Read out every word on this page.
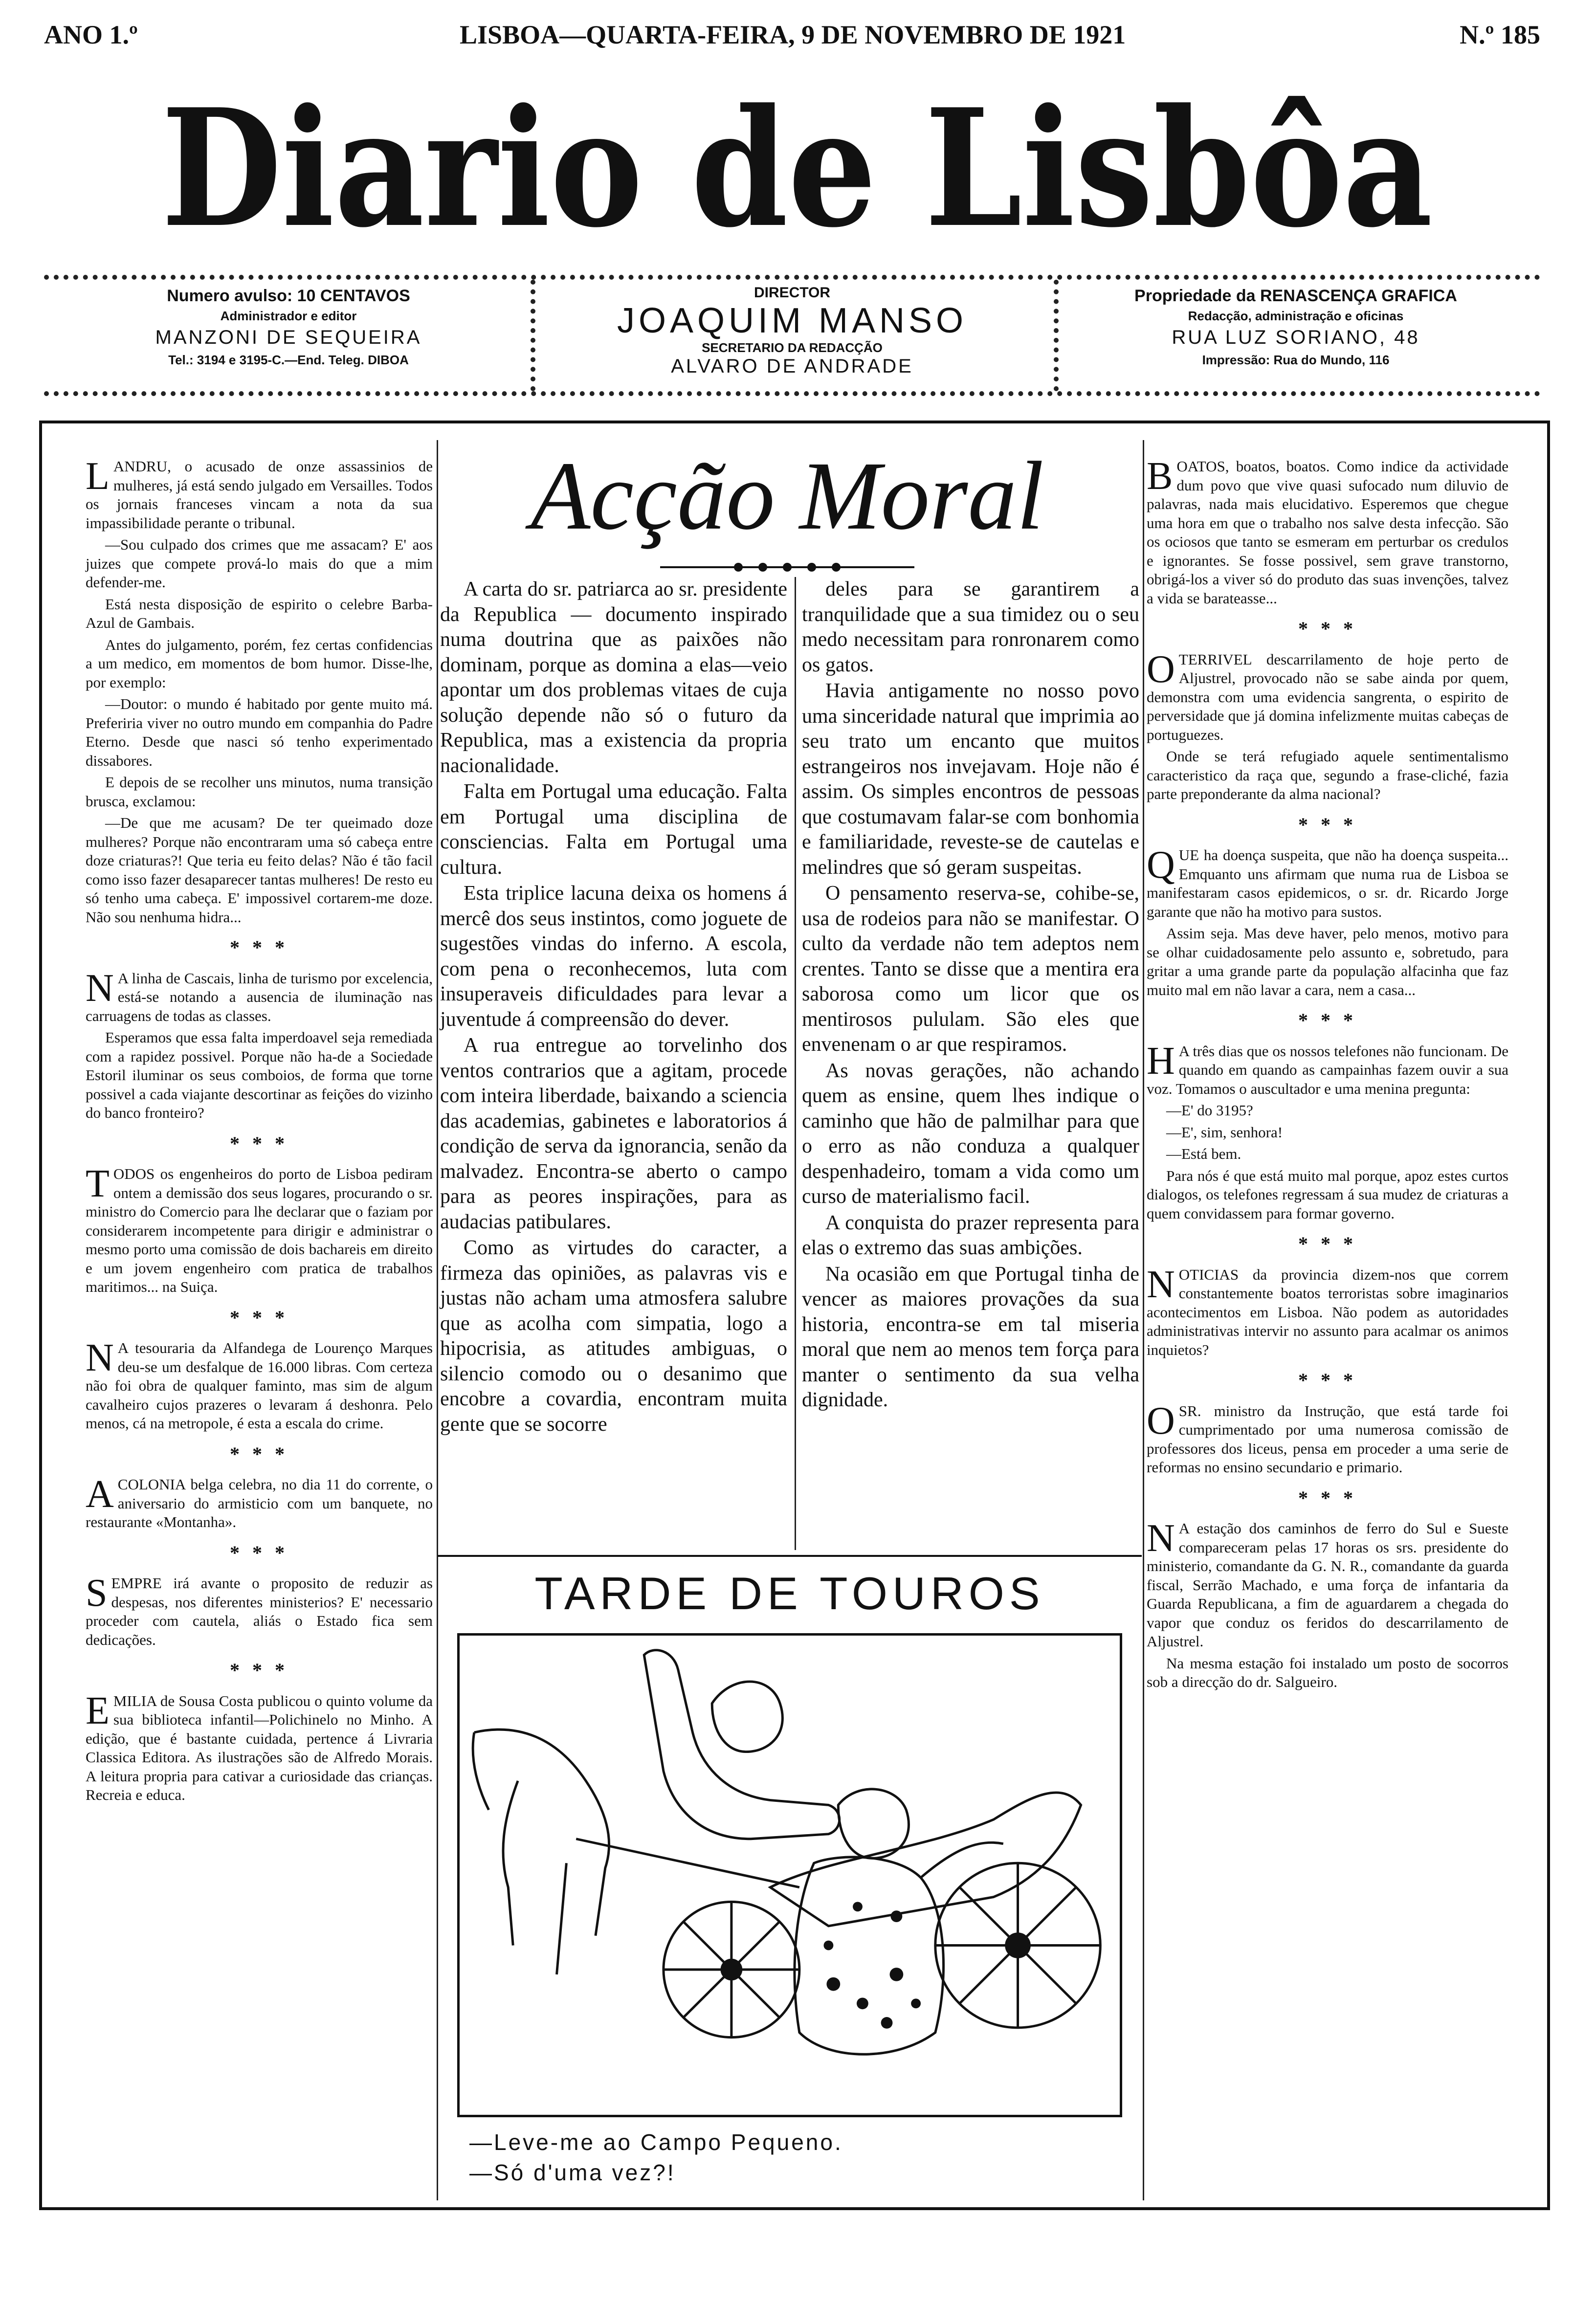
ANO 1.º	LISBOA—QUARTA-FEIRA, 9 DE NOVEMBRO DE 1921	N.º 185
Diario de Lisbôa
Numero avulso: 10 CENTAVOS
Administrador e editor
MANZONI DE SEQUEIRA
Tel.: 3194 e 3195-C.—End. Teleg. DIBOA
DIRECTOR
JOAQUIM MANSO
SECRETARIO DA REDACÇÃO
ALVARO DE ANDRADE
Propriedade da RENASCENÇA GRAFICA
Redacção, administração e oficinas
RUA LUZ SORIANO, 48
Impressão: Rua do Mundo, 116
ﾠ

LANDRU, o acusado de onze assassinios de mulheres, já está sendo julgado em Versailles. Todos os jornais franceses vincam a nota da sua impassibilidade perante o tribunal.

—Sou culpado dos crimes que me assacam? E' aos juizes que compete prová-lo mais do que a mim defender-me.

Está nesta disposição de espirito o celebre Barba-Azul de Gambais.

Antes do julgamento, porém, fez certas confidencias a um medico, em momentos de bom humor. Disse-lhe, por exemplo:

—Doutor: o mundo é habitado por gente muito má. Preferiria viver no outro mundo em companhia do Padre Eterno. Desde que nasci só tenho experimentado dissabores.

E depois de se recolher uns minutos, numa transição brusca, exclamou:

—De que me acusam? De ter queimado doze mulheres? Porque não encontraram uma só cabeça entre doze criaturas?! Que teria eu feito delas? Não é tão facil como isso fazer desaparecer tantas mulheres! De resto eu só tenho uma cabeça. E' impossivel cortarem-me doze. Não sou nenhuma hidra...

* * *

N A linha de Cascais, linha de turismo por excelencia, está-se notando a ausencia de iluminação nas carruagens de todas as classes.

Esperamos que essa falta imperdoavel seja remediada com a rapidez possivel. Porque não ha-de a Sociedade Estoril iluminar os seus comboios, de forma que torne possivel a cada viajante descortinar as feições do vizinho do banco fronteiro?

* * *

TODOS os engenheiros do porto de Lisboa pediram ontem a demissão dos seus logares, procurando o sr. ministro do Comercio para lhe declarar que o faziam por considerarem incompetente para dirigir e administrar o mesmo porto uma comissão de dois bachareis em direito e um jovem engenheiro com pratica de trabalhos maritimos... na Suiça.

* * *

N A tesouraria da Alfandega de Lourenço Marques deu-se um desfalque de 16.000 libras. Com certeza não foi obra de qualquer faminto, mas sim de algum cavalheiro cujos prazeres o levaram á deshonra. Pelo menos, cá na metropole, é esta a escala do crime.

* * *

ACOLONIA belga celebra, no dia 11 do corrente, o aniversario do armisticio com um banquete, no restaurante «Montanha».

* * *

SEMPRE irá avante o proposito de reduzir as despesas, nos diferentes ministerios? E' necessario proceder com cautela, aliás o Estado fica sem dedicações.

* * *

EMILIA de Sousa Costa publicou o quinto volume da sua biblioteca infantil—Polichinelo no Minho. A edição, que é bastante cuidada, pertence á Livraria Classica Editora. As ilustrações são de Alfredo Morais. A leitura propria para cativar a curiosidade das crianças. Recreia e educa.

Acção Moral

A carta do sr. patriarca ao sr. presidente da Republica — documento inspirado numa doutrina que as paixões não dominam, porque as domina a elas—veio apontar um dos problemas vitaes de cuja solução depende não só o futuro da Republica, mas a existencia da propria nacionalidade.

Falta em Portugal uma educação. Falta em Portugal uma disciplina de consciencias. Falta em Portugal uma cultura.

Esta triplice lacuna deixa os homens á mercê dos seus instintos, como joguete de sugestões vindas do inferno. A escola, com pena o reconhecemos, luta com insuperaveis dificuldades para levar a juventude á compreensão do dever.

A rua entregue ao torvelinho dos ventos contrarios que a agitam, procede com inteira liberdade, baixando a sciencia das academias, gabinetes e laboratorios á condição de serva da ignorancia, senão da malvadez. Encontra-se aberto o campo para as peores inspirações, para as audacias patibulares.

Como as virtudes do caracter, a firmeza das opiniões, as palavras vis e justas não acham uma atmosfera salubre que as acolha com simpatia, logo a hipocrisia, as atitudes ambiguas, o silencio comodo ou o desanimo que encobre a covardia, encontram muita gente que se socorre

deles para se garantirem a tranquilidade que a sua timidez ou o seu medo necessitam para ronronarem como os gatos.

Havia antigamente no nosso povo uma sinceridade natural que imprimia ao seu trato um encanto que muitos estrangeiros nos invejavam. Hoje não é assim. Os simples encontros de pessoas que costumavam falar-se com bonhomia e familiaridade, reveste-se de cautelas e melindres que só geram suspeitas.

O pensamento reserva-se, cohibe-se, usa de rodeios para não se manifestar. O culto da verdade não tem adeptos nem crentes. Tanto se disse que a mentira era saborosa como um licor que os mentirosos pululam. São eles que envenenam o ar que respiramos.

As novas gerações, não achando quem as ensine, quem lhes indique o caminho que hão de palmilhar para que o erro as não conduza a qualquer despenhadeiro, tomam a vida como um curso de materialismo facil.

A conquista do prazer representa para elas o extremo das suas ambições.

Na ocasião em que Portugal tinha de vencer as maiores provações da sua historia, encontra-se em tal miseria moral que nem ao menos tem força para manter o sentimento da sua velha dignidade.

TARDE DE TOUROS
—Leve-me ao Campo Pequeno.
—Só d'uma vez?!

BOATOS, boatos, boatos. Como indice da actividade dum povo que vive quasi sufocado num diluvio de palavras, nada mais elucidativo. Esperemos que chegue uma hora em que o trabalho nos salve desta infecção. São os ociosos que tanto se esmeram em perturbar os credulos e ignorantes. Se fosse possivel, sem grave transtorno, obrigá-los a viver só do produto das suas invenções, talvez a vida se barateasse...

* * *

OTERRIVEL descarrilamento de hoje perto de Aljustrel, provocado não se sabe ainda por quem, demonstra com uma evidencia sangrenta, o espirito de perversidade que já domina infelizmente muitas cabeças de portuguezes.

Onde se terá refugiado aquele sentimentalismo caracteristico da raça que, segundo a frase-cliché, fazia parte preponderante da alma nacional?

* * *

QUE ha doença suspeita, que não ha doença suspeita... Emquanto uns afirmam que numa rua de Lisboa se manifestaram casos epidemicos, o sr. dr. Ricardo Jorge garante que não ha motivo para sustos.

Assim seja. Mas deve haver, pelo menos, motivo para se olhar cuidadosamente pelo assunto e, sobretudo, para gritar a uma grande parte da população alfacinha que faz muito mal em não lavar a cara, nem a casa...

* * *

H A três dias que os nossos telefones não funcionam. De quando em quando as campainhas fazem ouvir a sua voz. Tomamos o auscultador e uma menina pregunta:

—E' do 3195?

—E', sim, senhora!

—Está bem.

Para nós é que está muito mal porque, apoz estes curtos dialogos, os telefones regressam á sua mudez de criaturas a quem convidassem para formar governo.

* * *

NOTICIAS da provincia dizem-nos que correm constantemente boatos terroristas sobre imaginarios acontecimentos em Lisboa. Não podem as autoridades administrativas intervir no assunto para acalmar os animos inquietos?

* * *

OSR. ministro da Instrução, que está tarde foi cumprimentado por uma numerosa comissão de professores dos liceus, pensa em proceder a uma serie de reformas no ensino secundario e primario.

* * *

N A estação dos caminhos de ferro do Sul e Sueste compareceram pelas 17 horas os srs. presidente do ministerio, comandante da G. N. R., comandante da guarda fiscal, Serrão Machado, e uma força de infantaria da Guarda Republicana, a fim de aguardarem a chegada do vapor que conduz os feridos do descarrilamento de Aljustrel.

Na mesma estação foi instalado um posto de socorros sob a direcção do dr. Salgueiro.
